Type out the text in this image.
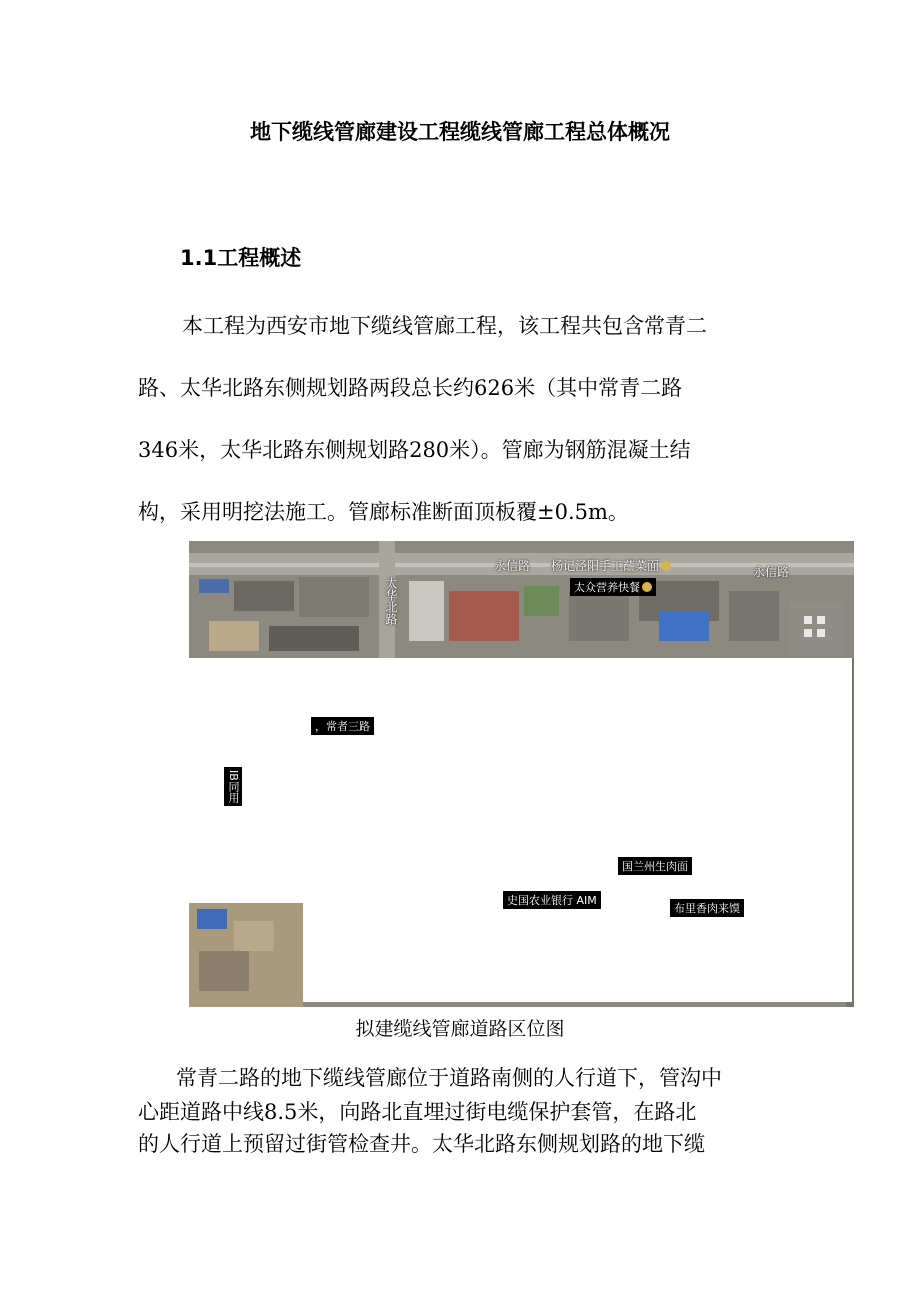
地下缆线管廊建设工程缆线管廊工程总体概况
1.1工程概述
本工程为西安市地下缆线管廊工程，该工程共包含常青二
路、太华北路东侧规划路两段总长约626米（其中常青二路
346米，太华北路东侧规划路280米）。管廊为钢筋混凝土结
构，采用明挖法施工。管廊标准断面顶板覆±0.5m。
永信路 杨记泾阳手工蘸菜面	永信路
太华北路	太众营养快餐
，常者三路
IB同用
国兰州生肉面
史国农业银行 AIM
布里香肉来馍
拟建缆线管廊道路区位图
常青二路的地下缆线管廊位于道路南侧的人行道下，管沟中
心距道路中线8.5米，向路北直埋过街电缆保护套管，在路北
的人行道上预留过街管检查井。太华北路东侧规划路的地下缆
